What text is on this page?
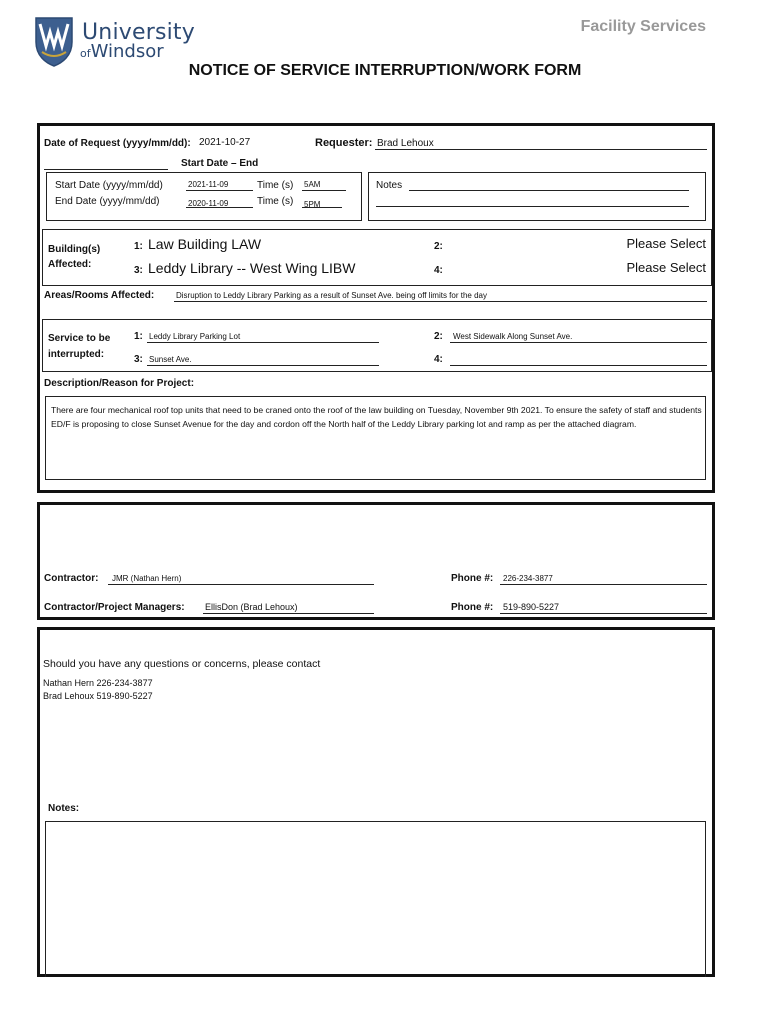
University
ofWindsor
Facility Services
NOTICE OF SERVICE INTERRUPTION/WORK FORM
Date of Request (yyyy/mm/dd): 2021-10-27	Requester: Brad Lehoux
Start Date – End
Start Date (yyyy/mm/dd)	2021-11-09	Time (s) 5AM
End Date (yyyy/mm/dd)	2020-11-09	Time (s) 5PM
Notes
Building(s)
Affected:
1: Law Building LAW
3: Leddy Library -- West Wing LIBW
2:	Please Select
4:	Please Select
Areas/Rooms Affected:	Disruption to Leddy Library Parking as a result of Sunset Ave. being off limits for the day
Service to be
interrupted:
1: Leddy Library Parking Lot
3: Sunset Ave.
2: West Sidewalk Along Sunset Ave.
4:
Description/Reason for Project:
There are four mechanical roof top units that need to be craned onto the roof of the law building on Tuesday, November 9th 2021. To ensure the safety of staff and students ED/F is proposing to close Sunset Avenue for the day and cordon off the North half of the Leddy Library parking lot and ramp as per the attached diagram.
Contractor: JMR (Nathan Hern)	Phone #: 226-234-3877
Contractor/Project Managers: EllisDon (Brad Lehoux)	Phone #: 519-890-5227
Should you have any questions or concerns, please contact
Nathan Hern 226-234-3877
Brad Lehoux 519-890-5227
Notes:
